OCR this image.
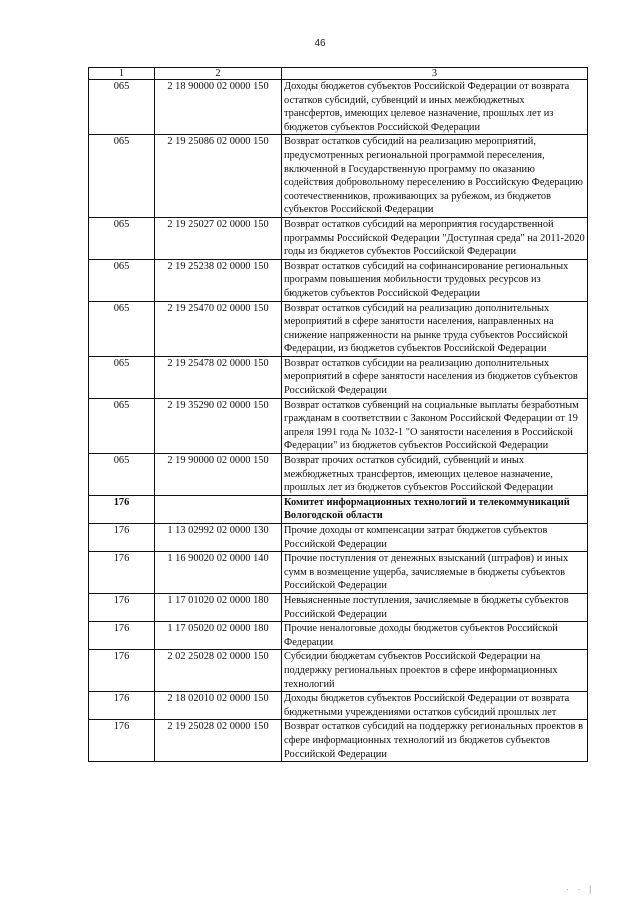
46
1	2	3
065	2 18 90000 02 0000 150	Доходы бюджетов субъектов Российской Федерации от возврата остатков субсидий, субвенций и иных межбюджетных трансфертов, имеющих целевое назначение, прошлых лет из бюджетов субъектов Российской Федерации
065	2 19 25086 02 0000 150	Возврат остатков субсидий на реализацию мероприятий, предусмотренных региональной программой переселения, включенной в Государственную программу по оказанию содействия добровольному переселению в Российскую Федерацию соотечественников, проживающих за рубежом, из бюджетов субъектов Российской Федерации
065	2 19 25027 02 0000 150	Возврат остатков субсидий на мероприятия государственной программы Российской Федерации "Доступная среда" на 2011-2020 годы из бюджетов субъектов Российской Федерации
065	2 19 25238 02 0000 150	Возврат остатков субсидий на софинансирование региональных программ повышения мобильности трудовых ресурсов из бюджетов субъектов Российской Федерации
065	2 19 25470 02 0000 150	Возврат остатков субсидий на реализацию дополнительных мероприятий в сфере занятости населения, направленных на снижение напряженности на рынке труда субъектов Российской Федерации, из бюджетов субъектов Российской Федерации
065	2 19 25478 02 0000 150	Возврат остатков субсидии на реализацию дополнительных мероприятий в сфере занятости населения из бюджетов субъектов Российской Федерации
065	2 19 35290 02 0000 150	Возврат остатков субвенций на социальные выплаты безработным гражданам в соответствии с Законом Российской Федерации от 19 апреля 1991 года № 1032-1 "О занятости населения в Российской Федерации" из бюджетов субъектов Российской Федерации
065	2 19 90000 02 0000 150	Возврат прочих остатков субсидий, субвенций и иных межбюджетных трансфертов, имеющих целевое назначение, прошлых лет из бюджетов субъектов Российской Федерации
176		Комитет информационных технологий и телекоммуникаций Вологодской области
176	1 13 02992 02 0000 130	Прочие доходы от компенсации затрат бюджетов субъектов Российской Федерации
176	1 16 90020 02 0000 140	Прочие поступления от денежных взысканий (штрафов) и иных сумм в возмещение ущерба, зачисляемые в бюджеты субъектов Российской Федерации
176	1 17 01020 02 0000 180	Невыясненные поступления, зачисляемые в бюджеты субъектов Российской Федерации
176	1 17 05020 02 0000 180	Прочие неналоговые доходы бюджетов субъектов Российской Федерации
176	2 02 25028 02 0000 150	Субсидии бюджетам субъектов Российской Федерации на поддержку региональных проектов в сфере информационных технологий
176	2 18 02010 02 0000 150	Доходы бюджетов субъектов Российской Федерации от возврата бюджетными учреждениями остатков субсидий прошлых лет
176	2 19 25028 02 0000 150	Возврат остатков субсидий на поддержку региональных проектов в сфере информационных технологий из бюджетов субъектов Российской Федерации
· · |
